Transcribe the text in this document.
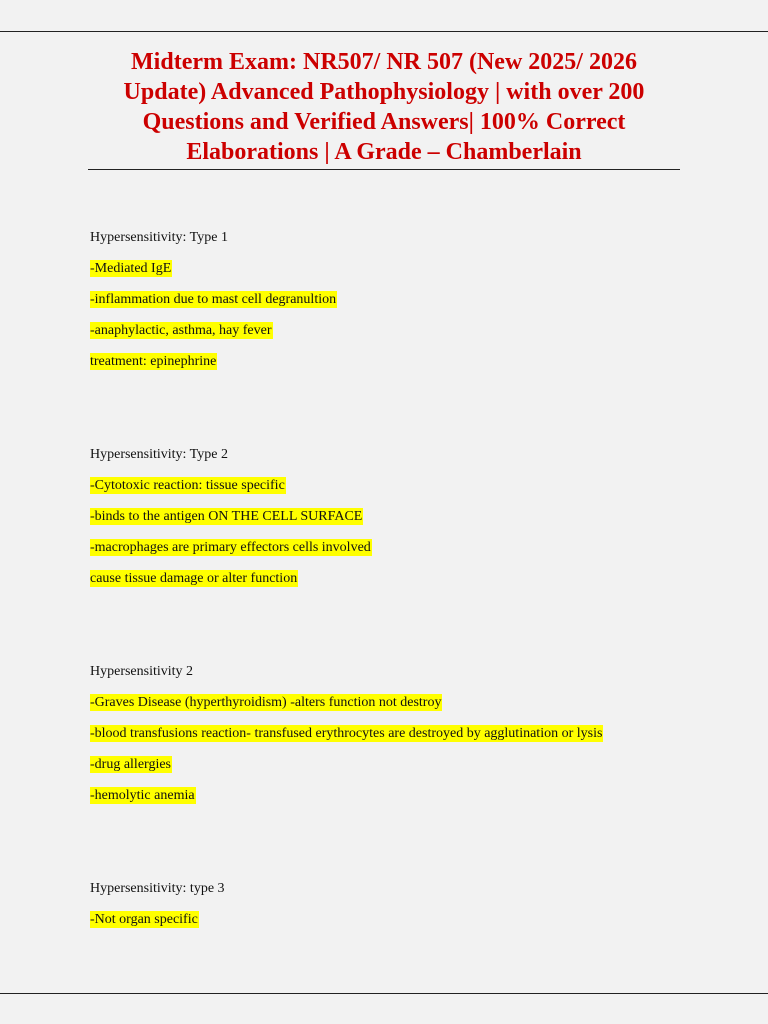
Midterm Exam: NR507/ NR 507 (New 2025/ 2026 Update) Advanced Pathophysiology | with over 200 Questions and Verified Answers| 100% Correct Elaborations | A Grade – Chamberlain
Hypersensitivity: Type 1
-Mediated IgE
-inflammation due to mast cell degranultion
-anaphylactic, asthma, hay fever
treatment: epinephrine
Hypersensitivity: Type 2
-Cytotoxic reaction: tissue specific
-binds to the antigen ON THE CELL SURFACE
-macrophages are primary effectors cells involved
cause tissue damage or alter function
Hypersensitivity 2
-Graves Disease (hyperthyroidism) -alters function not destroy
-blood transfusions reaction- transfused erythrocytes are destroyed by agglutination or lysis
-drug allergies
-hemolytic anemia
Hypersensitivity: type 3
-Not organ specific
